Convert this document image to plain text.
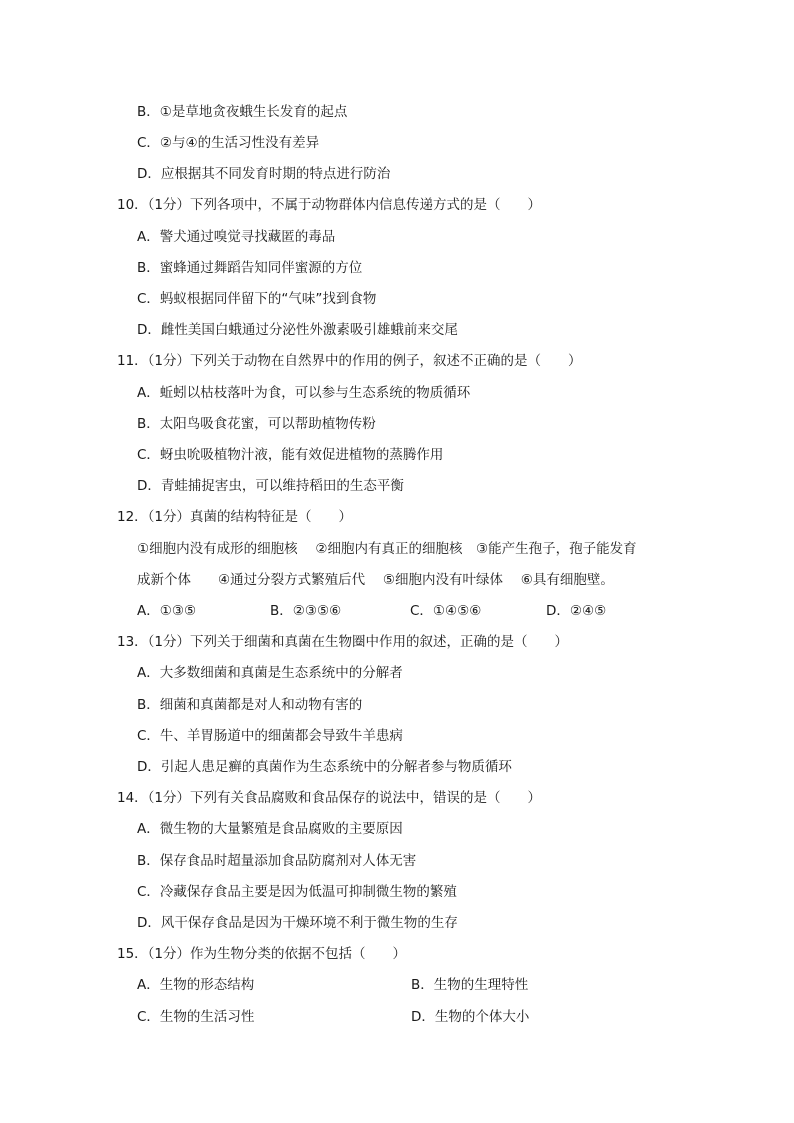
B．①是草地贪夜蛾生长发育的起点
C．②与④的生活习性没有差异
D．应根据其不同发育时期的特点进行防治
10．（1分）下列各项中，不属于动物群体内信息传递方式的是（　　）
A．警犬通过嗅觉寻找藏匿的毒品
B．蜜蜂通过舞蹈告知同伴蜜源的方位
C．蚂蚁根据同伴留下的“气味”找到食物
D．雌性美国白蛾通过分泌性外激素吸引雄蛾前来交尾
11．（1分）下列关于动物在自然界中的作用的例子，叙述不正确的是（　　）
A．蚯蚓以枯枝落叶为食，可以参与生态系统的物质循环
B．太阳鸟吸食花蜜，可以帮助植物传粉
C．蚜虫吮吸植物汁液，能有效促进植物的蒸腾作用
D．青蛙捕捉害虫，可以维持稻田的生态平衡
12．（1分）真菌的结构特征是（　　）
①细胞内没有成形的细胞核　 ②细胞内有真正的细胞核　③能产生孢子，孢子能发育
成新个体　　④通过分裂方式繁殖后代　 ⑤细胞内没有叶绿体　 ⑥具有细胞壁。
A．①③⑤	B．②③⑤⑥	C．①④⑤⑥	D．②④⑤
13．（1分）下列关于细菌和真菌在生物圈中作用的叙述，正确的是（　　）
A．大多数细菌和真菌是生态系统中的分解者
B．细菌和真菌都是对人和动物有害的
C．牛、羊胃肠道中的细菌都会导致牛羊患病
D．引起人患足癣的真菌作为生态系统中的分解者参与物质循环
14．（1分）下列有关食品腐败和食品保存的说法中，错误的是（　　）
A．微生物的大量繁殖是食品腐败的主要原因
B．保存食品时超量添加食品防腐剂对人体无害
C．冷藏保存食品主要是因为低温可抑制微生物的繁殖
D．风干保存食品是因为干燥环境不利于微生物的生存
15．（1分）作为生物分类的依据不包括（　　）
A．生物的形态结构	B．生物的生理特性
C．生物的生活习性	D．生物的个体大小
